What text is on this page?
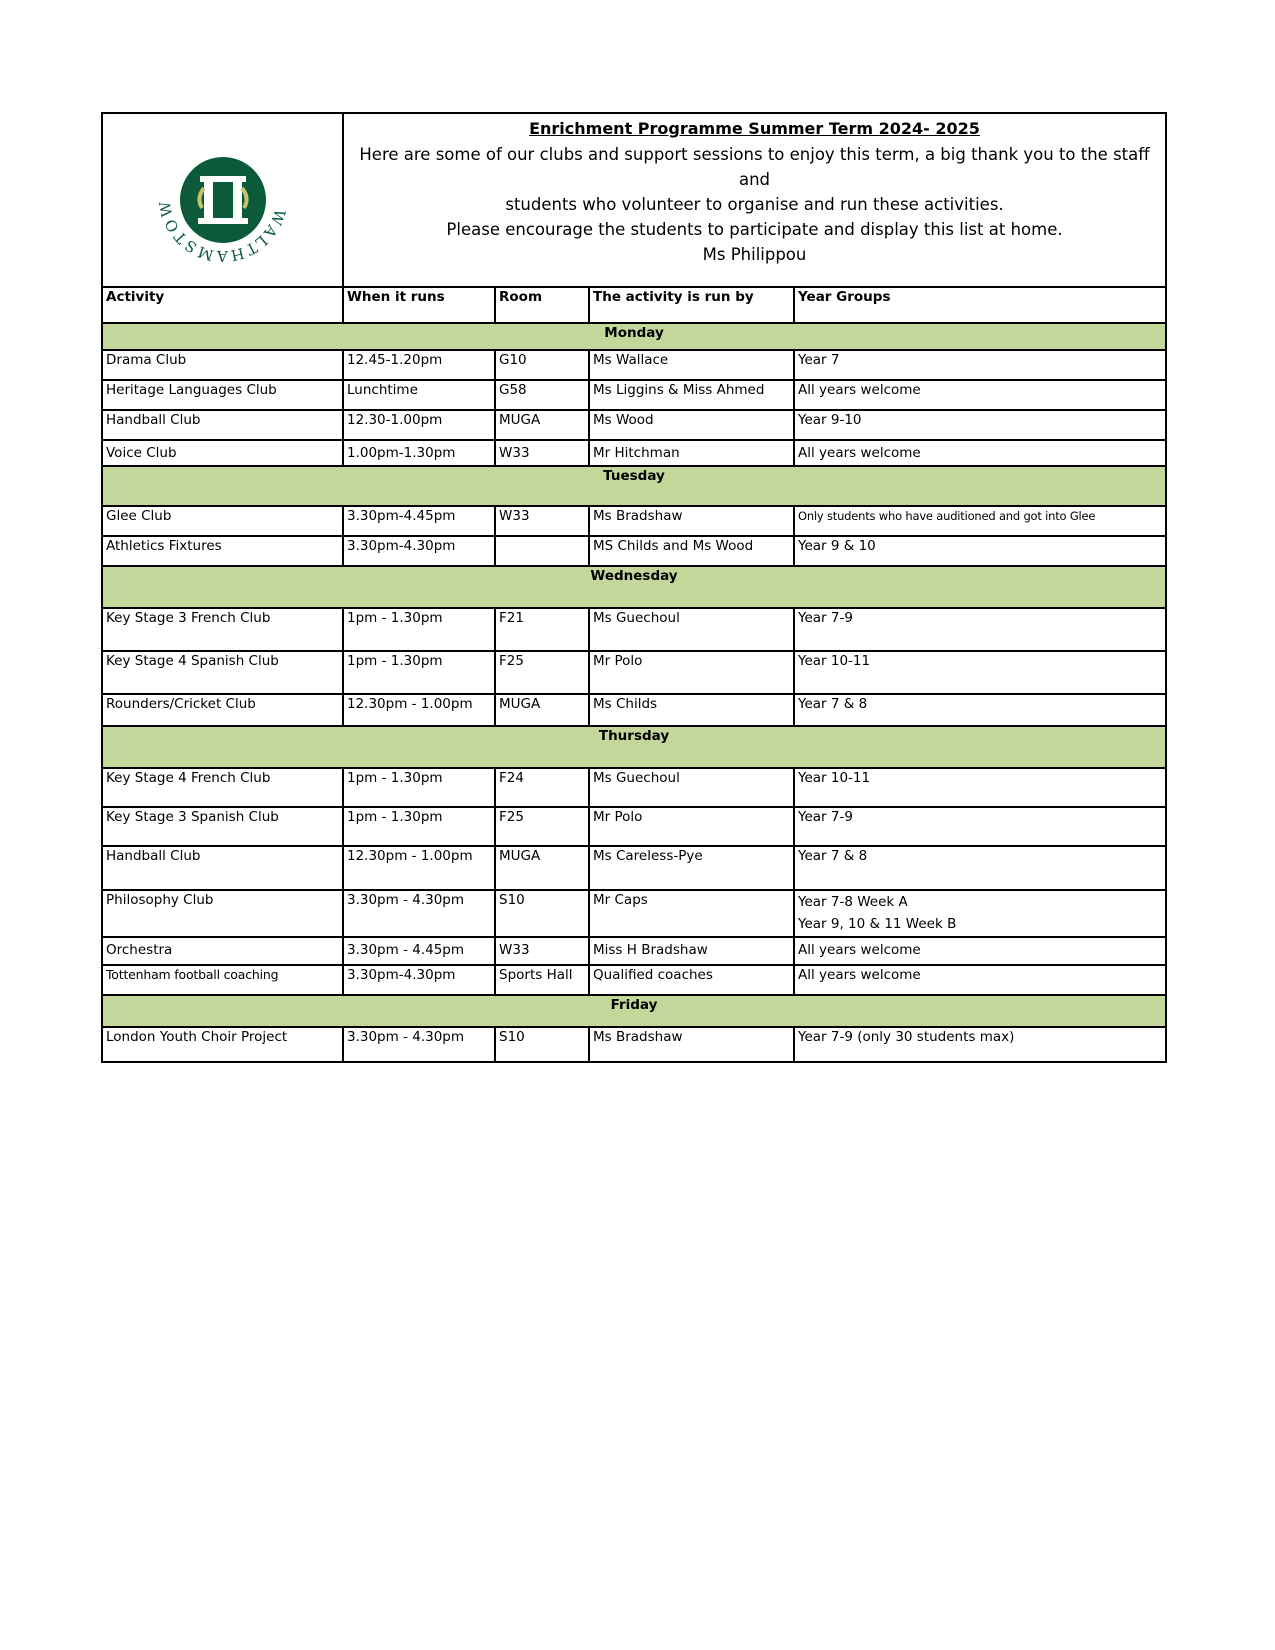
WALTHAMSTOW	Enrichment Programme Summer Term 2024- 2025
Here are some of our clubs and support sessions to enjoy this term, a big thank you to the staff and
students who volunteer to organise and run these activities.
Please encourage the students to participate and display this list at home.
Ms Philippou			

Activity	When it runs	Room	The activity is run by	Year Groups
Monday				
Drama Club	12.45-1.20pm	G10	Ms Wallace	Year 7
Heritage Languages Club	Lunchtime	G58	Ms Liggins & Miss Ahmed	All years welcome
Handball Club	12.30-1.00pm	MUGA	Ms Wood	Year 9-10
Voice Club	1.00pm-1.30pm	W33	Mr Hitchman	All years welcome
Tuesday				
Glee Club	3.30pm-4.45pm	W33	Ms Bradshaw	Only students who have auditioned and got into Glee
Athletics Fixtures	3.30pm-4.30pm		MS Childs and Ms Wood	Year 9 & 10
Wednesday				
Key Stage 3 French Club	1pm - 1.30pm	F21	Ms Guechoul	Year 7-9
Key Stage 4 Spanish Club	1pm - 1.30pm	F25	Mr Polo	Year 10-11
Rounders/Cricket Club	12.30pm - 1.00pm	MUGA	Ms Childs	Year 7 & 8
Thursday				
Key Stage 4 French Club	1pm - 1.30pm	F24	Ms Guechoul	Year 10-11
Key Stage 3 Spanish Club	1pm - 1.30pm	F25	Mr Polo	Year 7-9
Handball Club	12.30pm - 1.00pm	MUGA	Ms Careless-Pye	Year 7 & 8
Philosophy Club	3.30pm - 4.30pm	S10	Mr Caps	Year 7-8 Week A
Year 9, 10 & 11 Week B

Orchestra	3.30pm - 4.45pm	W33	Miss H Bradshaw	All years welcome
Tottenham football coaching	3.30pm-4.30pm	Sports Hall	Qualified coaches	All years welcome
Friday				
London Youth Choir Project	3.30pm - 4.30pm	S10	Ms Bradshaw	Year 7-9 (only 30 students max)
